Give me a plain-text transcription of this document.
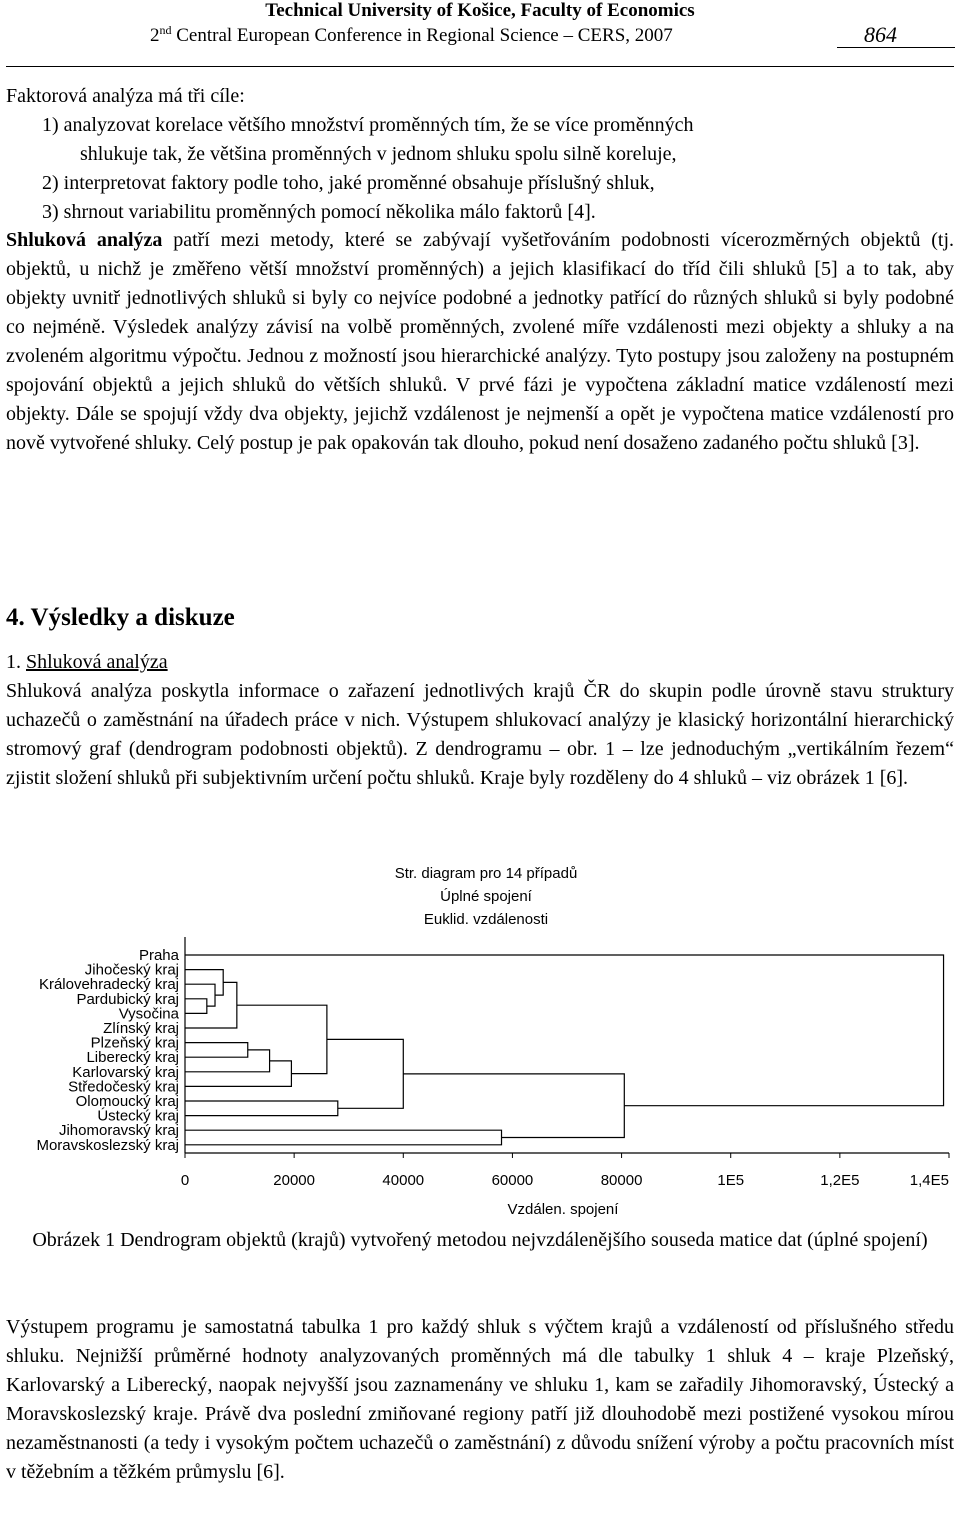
Technical University of Košice, Faculty of Economics
2nd Central European Conference in Regional Science – CERS, 2007	864
Faktorová analýza má tři cíle:
1) analyzovat korelace většího množství proměnných tím, že se více proměnných
shlukuje tak, že většina proměnných v jednom shluku spolu silně koreluje,
2) interpretovat faktory podle toho, jaké proměnné obsahuje příslušný shluk,
3) shrnout variabilitu proměnných pomocí několika málo faktorů [4].
Shluková analýza patří mezi metody, které se zabývají vyšetřováním podobnosti vícerozměrných objektů (tj. objektů, u nichž je změřeno větší množství proměnných) a jejich klasifikací do tříd čili shluků [5] a to tak, aby objekty uvnitř jednotlivých shluků si byly co nejvíce podobné a jednotky patřící do různých shluků si byly podobné co nejméně. Výsledek analýzy závisí na volbě proměnných, zvolené míře vzdálenosti mezi objekty a shluky a na zvoleném algoritmu výpočtu. Jednou z možností jsou hierarchické analýzy. Tyto postupy jsou založeny na postupném spojování objektů a jejich shluků do větších shluků. V prvé fázi je vypočtena základní matice vzdáleností mezi objekty. Dále se spojují vždy dva objekty, jejichž vzdálenost je nejmenší a opět je vypočtena matice vzdáleností pro nově vytvořené shluky. Celý postup je pak opakován tak dlouho, pokud není dosaženo zadaného počtu shluků [3].
4. Výsledky a diskuze
1. Shluková analýza
Shluková analýza poskytla informace o zařazení jednotlivých krajů ČR do skupin podle úrovně stavu struktury uchazečů o zaměstnání na úřadech práce v nich. Výstupem shlukovací analýzy je klasický horizontální hierarchický stromový graf (dendrogram podobnosti objektů). Z dendrogramu – obr. 1 – lze jednoduchým „vertikálním řezem“ zjistit složení shluků při subjektivním určení počtu shluků. Kraje byly rozděleny do 4 shluků – viz obrázek 1 [6].
Str. diagram pro 14 případů
Úplné spojení
Euklid. vzdálenosti
Vzdálen. spojení
Praha
Jihočeský kraj
Královehradecký kraj
Pardubický kraj
Vysočina
Zlínský kraj
Plzeňský kraj
Liberecký kraj
Karlovarský kraj
Středočeský kraj
Olomoucký kraj
Ústecký kraj
Jihomoravský kraj
Moravskoslezský kraj
0	20000	40000	60000	80000	1E5	1,2E5	1,4E5
Obrázek 1 Dendrogram objektů (krajů) vytvořený metodou nejvzdálenějšího souseda matice dat (úplné spojení)
Výstupem programu je samostatná tabulka 1 pro každý shluk s výčtem krajů a vzdáleností od příslušného středu shluku. Nejnižší průměrné hodnoty analyzovaných proměnných má dle tabulky 1 shluk 4 – kraje Plzeňský, Karlovarský a Liberecký, naopak nejvyšší jsou zaznamenány ve shluku 1, kam se zařadily Jihomoravský, Ústecký a Moravskoslezský kraje. Právě dva poslední zmiňované regiony patří již dlouhodobě mezi postižené vysokou mírou nezaměstnanosti (a tedy i vysokým počtem uchazečů o zaměstnání) z důvodu snížení výroby a počtu pracovních míst v těžebním a těžkém průmyslu [6].
